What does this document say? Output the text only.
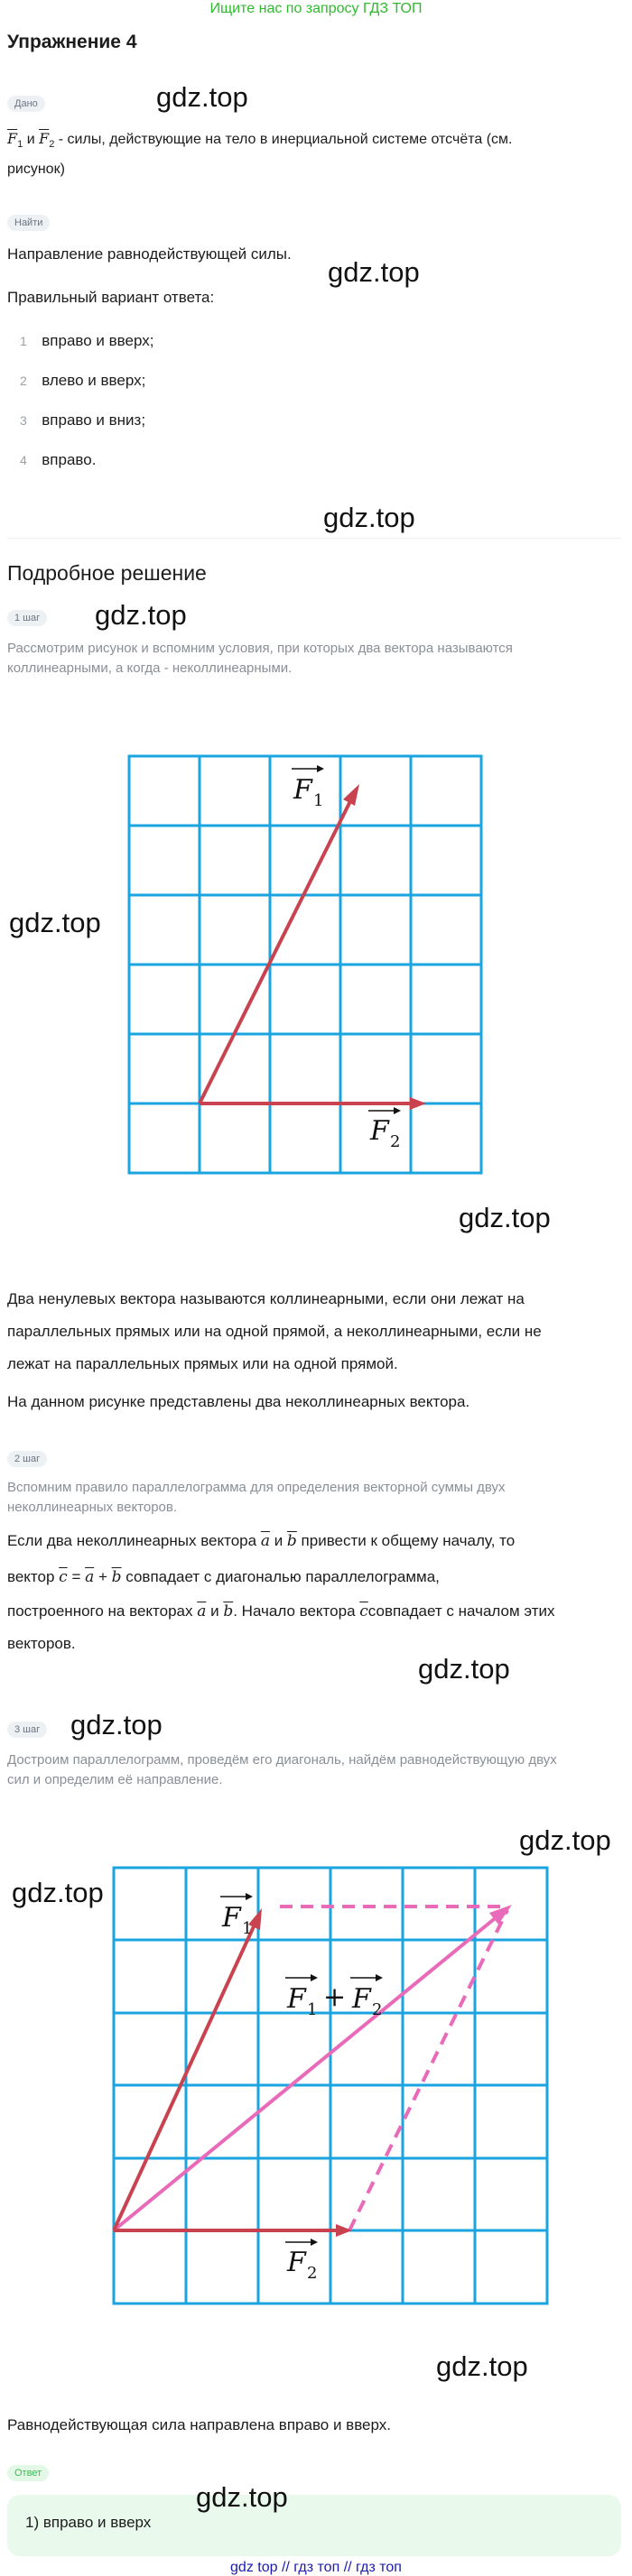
Ищите нас по запросу ГДЗ ТОП
Упражнение 4
gdz.top
Дано
$\overline{F}_1$ и $\overline{F}_2$ - силы, действующие на тело в инерциальной системе отсчёта (см.
рисунок)
Найти
Направление равнодействующей силы.
gdz.top
Правильный вариант ответа:
1 вправо и вверх;
2 влево и вверх;
3 вправо и вниз;
4 вправо.
gdz.top
Подробное решение
1 шаг gdz.top
Рассмотрим рисунок и вспомним условия, при которых два вектора называются
коллинеарными, а когда - неколлинеарными.
F 1
F 2
gdz.top
gdz.top
Два ненулевых вектора называются коллинеарными, если они лежат на
параллельных прямых или на одной прямой, а неколлинеарными, если не
лежат на параллельных прямых или на одной прямой.
На данном рисунке представлены два неколлинеарных вектора.
2 шаг
Вспомним правило параллелограмма для определения векторной суммы двух
неколлинеарных векторов.
Если два неколлинеарных вектора $\overline{a}$ и $\overline{b}$ привести к общему началу, то
вектор $\overline{c} = \overline{a} + \overline{b}$ совпадает с диагональю параллелограмма,
построенного на векторах $\overline{a}$ и $\overline{b}$. Начало вектора $\overline{c}совпадает$ с началом этих
векторов.
gdz.top
3 шаг gdz.top
Достроим параллелограмм, проведём его диагональ, найдём равнодействующую двух
сил и определим её направление.
gdz.top
gdz.top
F 1
F 1 + F 2
F 2
gdz.top
Равнодействующая сила направлена вправо и вверх.
Ответ
1) вправо и вверх
gdz.top
gdz top // гдз топ // гдз топ
